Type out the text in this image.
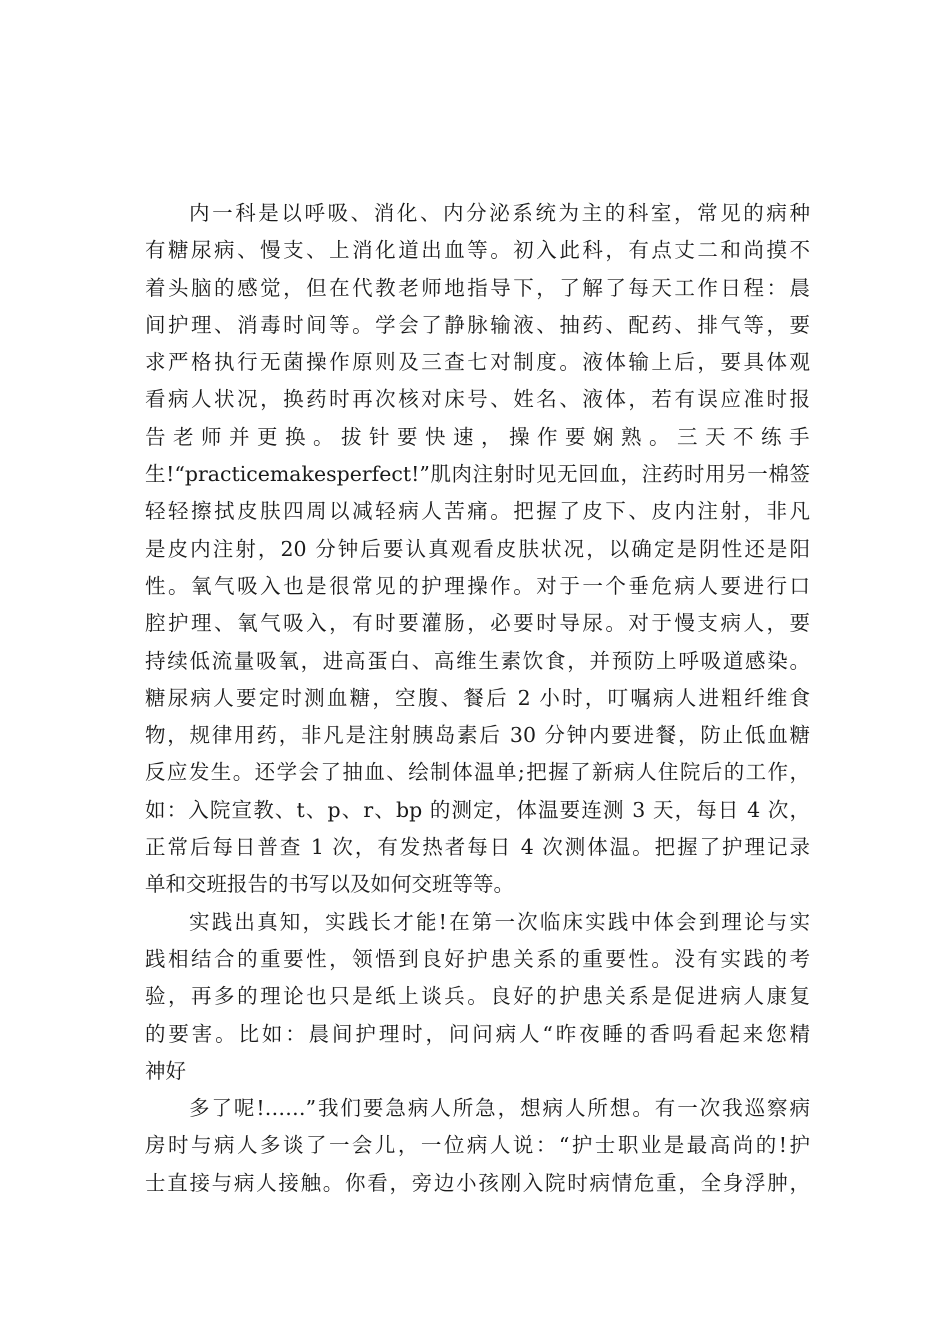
内一科是以呼吸、消化、内分泌系统为主的科室，常见的病种
有糖尿病、慢支、上消化道出血等。初入此科，有点丈二和尚摸不
着头脑的感觉，但在代教老师地指导下，了解了每天工作日程：晨
间护理、消毒时间等。学会了静脉输液、抽药、配药、排气等，要
求严格执行无菌操作原则及三查七对制度。液体输上后，要具体观
看病人状况，换药时再次核对床号、姓名、液体，若有误应准时报
告老师并更换。拔针要快速，操作要娴熟。三天不练手
生!“practicemakesperfect!”肌肉注射时见无回血，注药时用另一棉签
轻轻擦拭皮肤四周以减轻病人苦痛。把握了皮下、皮内注射，非凡
是皮内注射，20 分钟后要认真观看皮肤状况，以确定是阴性还是阳
性。氧气吸入也是很常见的护理操作。对于一个垂危病人要进行口
腔护理、氧气吸入，有时要灌肠，必要时导尿。对于慢支病人，要
持续低流量吸氧，进高蛋白、高维生素饮食，并预防上呼吸道感染。
糖尿病人要定时测血糖，空腹、餐后 2 小时，叮嘱病人进粗纤维食
物，规律用药，非凡是注射胰岛素后 30 分钟内要进餐，防止低血糖
反应发生。还学会了抽血、绘制体温单;把握了新病人住院后的工作，
如：入院宣教、t、p、r、bp 的测定，体温要连测 3 天，每日 4 次，
正常后每日普查 1 次，有发热者每日 4 次测体温。把握了护理记录
单和交班报告的书写以及如何交班等等。
实践出真知，实践长才能!在第一次临床实践中体会到理论与实
践相结合的重要性，领悟到良好护患关系的重要性。没有实践的考
验，再多的理论也只是纸上谈兵。良好的护患关系是促进病人康复
的要害。比如：晨间护理时，问问病人“昨夜睡的香吗看起来您精
神好
多了呢!……”我们要急病人所急，想病人所想。有一次我巡察病
房时与病人多谈了一会儿，一位病人说：“护士职业是最高尚的!护
士直接与病人接触。你看，旁边小孩刚入院时病情危重，全身浮肿，
